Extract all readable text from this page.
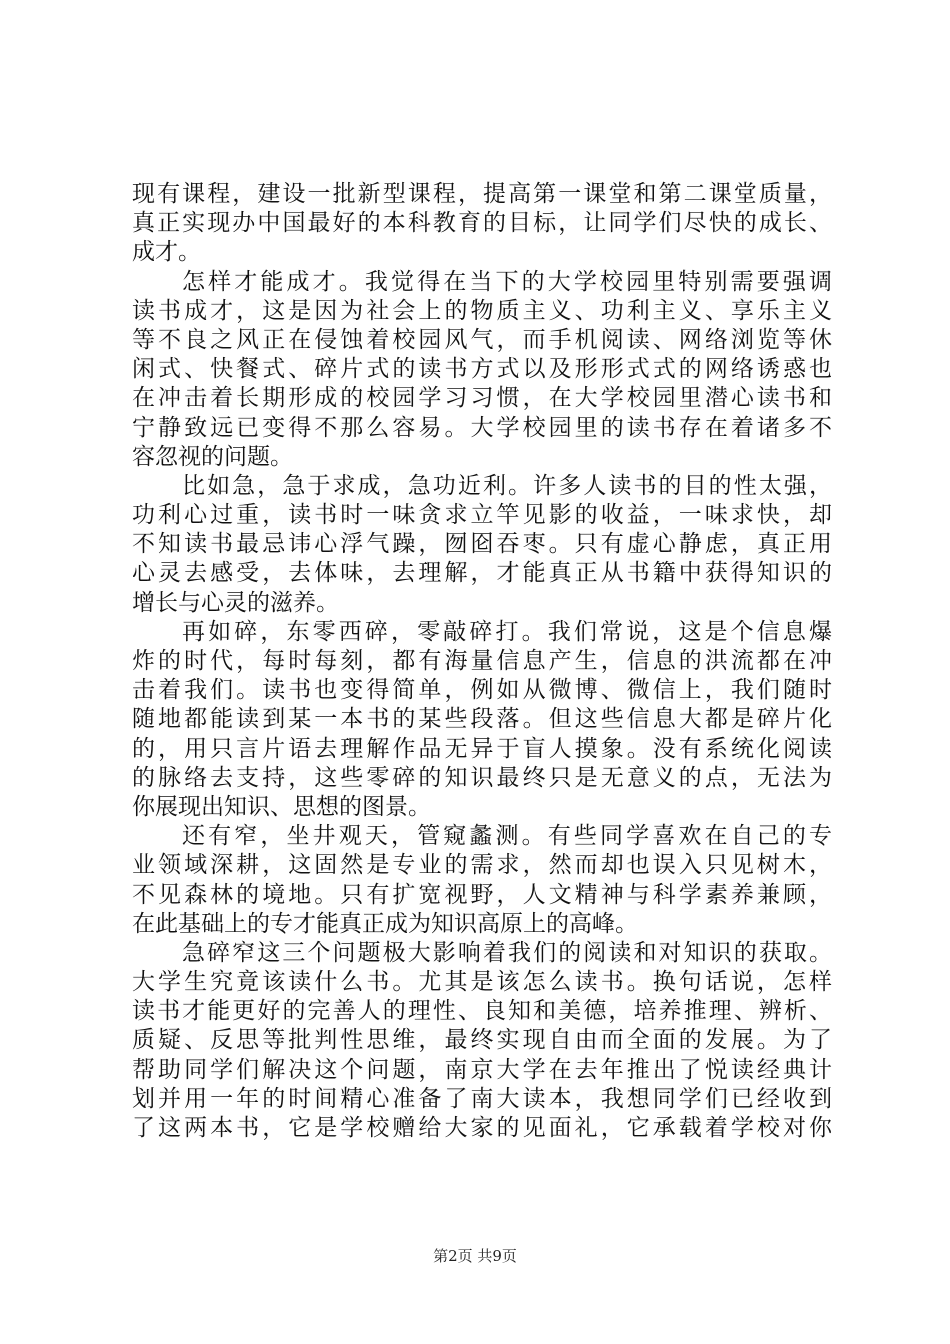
现有课程，建设一批新型课程，提高第一课堂和第二课堂质量，
真正实现办中国最好的本科教育的目标，让同学们尽快的成长、
成才。
怎样才能成才。我觉得在当下的大学校园里特别需要强调
读书成才，这是因为社会上的物质主义、功利主义、享乐主义
等不良之风正在侵蚀着校园风气，而手机阅读、网络浏览等休
闲式、快餐式、碎片式的读书方式以及形形式式的网络诱惑也
在冲击着长期形成的校园学习习惯，在大学校园里潜心读书和
宁静致远已变得不那么容易。大学校园里的读书存在着诸多不
容忽视的问题。
比如急，急于求成，急功近利。许多人读书的目的性太强，
功利心过重，读书时一味贪求立竿见影的收益，一味求快，却
不知读书最忌讳心浮气躁，囫囵吞枣。只有虚心静虑，真正用
心灵去感受，去体味，去理解，才能真正从书籍中获得知识的
增长与心灵的滋养。
再如碎，东零西碎，零敲碎打。我们常说，这是个信息爆
炸的时代，每时每刻，都有海量信息产生，信息的洪流都在冲
击着我们。读书也变得简单，例如从微博、微信上，我们随时
随地都能读到某一本书的某些段落。但这些信息大都是碎片化
的，用只言片语去理解作品无异于盲人摸象。没有系统化阅读
的脉络去支持，这些零碎的知识最终只是无意义的点，无法为
你展现出知识、思想的图景。
还有窄，坐井观天，管窥蠡测。有些同学喜欢在自己的专
业领域深耕，这固然是专业的需求，然而却也误入只见树木，
不见森林的境地。只有扩宽视野，人文精神与科学素养兼顾，
在此基础上的专才能真正成为知识高原上的高峰。
急碎窄这三个问题极大影响着我们的阅读和对知识的获取。
大学生究竟该读什么书。尤其是该怎么读书。换句话说，怎样
读书才能更好的完善人的理性、良知和美德，培养推理、辨析、
质疑、反思等批判性思维，最终实现自由而全面的发展。为了
帮助同学们解决这个问题，南京大学在去年推出了悦读经典计
划并用一年的时间精心准备了南大读本，我想同学们已经收到
了这两本书，它是学校赠给大家的见面礼，它承载着学校对你
第2页 共9页
